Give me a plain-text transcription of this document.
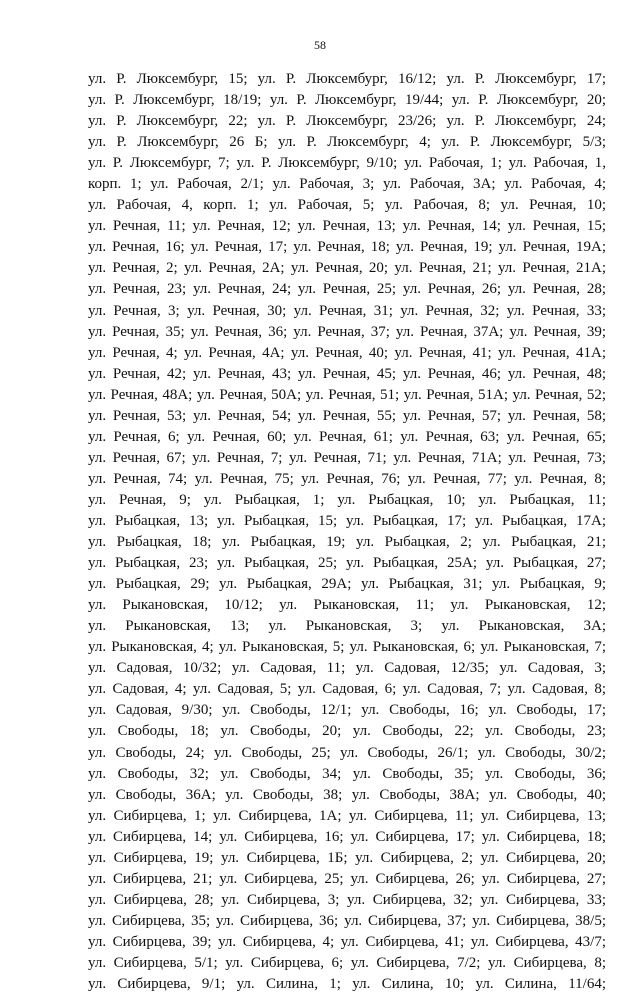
58
ул. Р. Люксембург, 15; ул. Р. Люксембург, 16/12; ул. Р. Люксембург, 17;
ул. Р. Люксембург, 18/19; ул. Р. Люксембург, 19/44; ул. Р. Люксембург, 20;
ул. Р. Люксембург, 22; ул. Р. Люксембург, 23/26; ул. Р. Люксембург, 24;
ул. Р. Люксембург, 26 Б; ул. Р. Люксембург, 4; ул. Р. Люксембург, 5/3;
ул. Р. Люксембург, 7; ул. Р. Люксембург, 9/10; ул. Рабочая, 1; ул. Рабочая, 1,
корп. 1; ул. Рабочая, 2/1; ул. Рабочая, 3; ул. Рабочая, 3А; ул. Рабочая, 4;
ул. Рабочая, 4, корп. 1; ул. Рабочая, 5; ул. Рабочая, 8; ул. Речная, 10;
ул. Речная, 11; ул. Речная, 12; ул. Речная, 13; ул. Речная, 14; ул. Речная, 15;
ул. Речная, 16; ул. Речная, 17; ул. Речная, 18; ул. Речная, 19; ул. Речная, 19А;
ул. Речная, 2; ул. Речная, 2А; ул. Речная, 20; ул. Речная, 21; ул. Речная, 21А;
ул. Речная, 23; ул. Речная, 24; ул. Речная, 25; ул. Речная, 26; ул. Речная, 28;
ул. Речная, 3; ул. Речная, 30; ул. Речная, 31; ул. Речная, 32; ул. Речная, 33;
ул. Речная, 35; ул. Речная, 36; ул. Речная, 37; ул. Речная, 37А; ул. Речная, 39;
ул. Речная, 4; ул. Речная, 4А; ул. Речная, 40; ул. Речная, 41; ул. Речная, 41А;
ул. Речная, 42; ул. Речная, 43; ул. Речная, 45; ул. Речная, 46; ул. Речная, 48;
ул. Речная, 48А; ул. Речная, 50А; ул. Речная, 51; ул. Речная, 51А; ул. Речная, 52;
ул. Речная, 53; ул. Речная, 54; ул. Речная, 55; ул. Речная, 57; ул. Речная, 58;
ул. Речная, 6; ул. Речная, 60; ул. Речная, 61; ул. Речная, 63; ул. Речная, 65;
ул. Речная, 67; ул. Речная, 7; ул. Речная, 71; ул. Речная, 71А; ул. Речная, 73;
ул. Речная, 74; ул. Речная, 75; ул. Речная, 76; ул. Речная, 77; ул. Речная, 8;
ул. Речная, 9; ул. Рыбацкая, 1; ул. Рыбацкая, 10; ул. Рыбацкая, 11;
ул. Рыбацкая, 13; ул. Рыбацкая, 15; ул. Рыбацкая, 17; ул. Рыбацкая, 17А;
ул. Рыбацкая, 18; ул. Рыбацкая, 19; ул. Рыбацкая, 2; ул. Рыбацкая, 21;
ул. Рыбацкая, 23; ул. Рыбацкая, 25; ул. Рыбацкая, 25А; ул. Рыбацкая, 27;
ул. Рыбацкая, 29; ул. Рыбацкая, 29А; ул. Рыбацкая, 31; ул. Рыбацкая, 9;
ул. Рыкановская, 10/12; ул. Рыкановская, 11; ул. Рыкановская, 12;
ул. Рыкановская, 13; ул. Рыкановская, 3; ул. Рыкановская, 3А;
ул. Рыкановская, 4; ул. Рыкановская, 5; ул. Рыкановская, 6; ул. Рыкановская, 7;
ул. Садовая, 10/32; ул. Садовая, 11; ул. Садовая, 12/35; ул. Садовая, 3;
ул. Садовая, 4; ул. Садовая, 5; ул. Садовая, 6; ул. Садовая, 7; ул. Садовая, 8;
ул. Садовая, 9/30; ул. Свободы, 12/1; ул. Свободы, 16; ул. Свободы, 17;
ул. Свободы, 18; ул. Свободы, 20; ул. Свободы, 22; ул. Свободы, 23;
ул. Свободы, 24; ул. Свободы, 25; ул. Свободы, 26/1; ул. Свободы, 30/2;
ул. Свободы, 32; ул. Свободы, 34; ул. Свободы, 35; ул. Свободы, 36;
ул. Свободы, 36А; ул. Свободы, 38; ул. Свободы, 38А; ул. Свободы, 40;
ул. Сибирцева, 1; ул. Сибирцева, 1А; ул. Сибирцева, 11; ул. Сибирцева, 13;
ул. Сибирцева, 14; ул. Сибирцева, 16; ул. Сибирцева, 17; ул. Сибирцева, 18;
ул. Сибирцева, 19; ул. Сибирцева, 1Б; ул. Сибирцева, 2; ул. Сибирцева, 20;
ул. Сибирцева, 21; ул. Сибирцева, 25; ул. Сибирцева, 26; ул. Сибирцева, 27;
ул. Сибирцева, 28; ул. Сибирцева, 3; ул. Сибирцева, 32; ул. Сибирцева, 33;
ул. Сибирцева, 35; ул. Сибирцева, 36; ул. Сибирцева, 37; ул. Сибирцева, 38/5;
ул. Сибирцева, 39; ул. Сибирцева, 4; ул. Сибирцева, 41; ул. Сибирцева, 43/7;
ул. Сибирцева, 5/1; ул. Сибирцева, 6; ул. Сибирцева, 7/2; ул. Сибирцева, 8;
ул. Сибирцева, 9/1; ул. Силина, 1; ул. Силина, 10; ул. Силина, 11/64;
